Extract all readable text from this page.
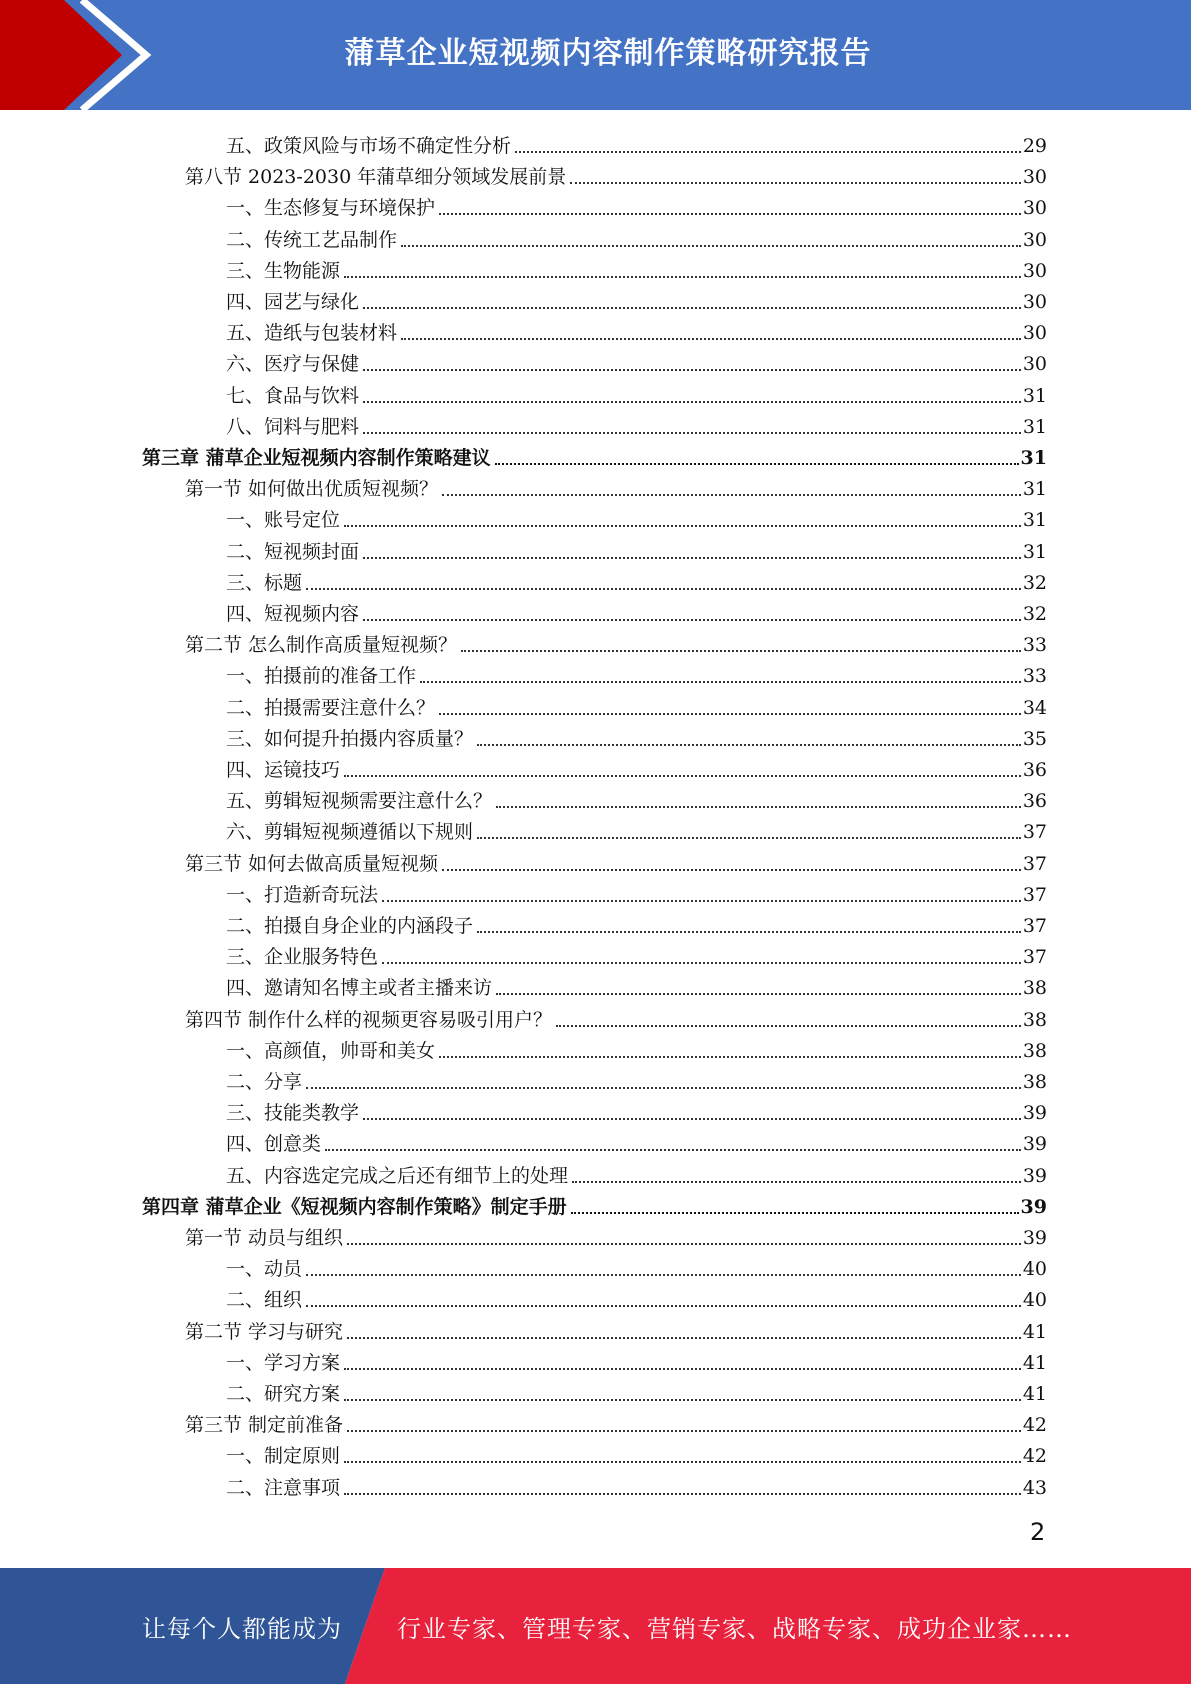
蒲草企业短视频内容制作策略研究报告
五、政策风险与市场不确定性分析	29
第八节 2023-2030 年蒲草细分领域发展前景	30
一、生态修复与环境保护	30
二、传统工艺品制作	30
三、生物能源	30
四、园艺与绿化	30
五、造纸与包装材料	30
六、医疗与保健	30
七、食品与饮料	31
八、饲料与肥料	31
第三章 蒲草企业短视频内容制作策略建议	31
第一节 如何做出优质短视频？	31
一、账号定位	31
二、短视频封面	31
三、标题	32
四、短视频内容	32
第二节 怎么制作高质量短视频？	33
一、拍摄前的准备工作	33
二、拍摄需要注意什么？	34
三、如何提升拍摄内容质量？	35
四、运镜技巧	36
五、剪辑短视频需要注意什么？	36
六、剪辑短视频遵循以下规则	37
第三节 如何去做高质量短视频	37
一、打造新奇玩法	37
二、拍摄自身企业的内涵段子	37
三、企业服务特色	37
四、邀请知名博主或者主播来访	38
第四节 制作什么样的视频更容易吸引用户？	38
一、高颜值，帅哥和美女	38
二、分享	38
三、技能类教学	39
四、创意类	39
五、内容选定完成之后还有细节上的处理	39
第四章 蒲草企业《短视频内容制作策略》制定手册	39
第一节 动员与组织	39
一、动员	40
二、组织	40
第二节 学习与研究	41
一、学习方案	41
二、研究方案	41
第三节 制定前准备	42
一、制定原则	42
二、注意事项	43
2
让每个人都能成为 行业专家、管理专家、营销专家、战略专家、成功企业家……
